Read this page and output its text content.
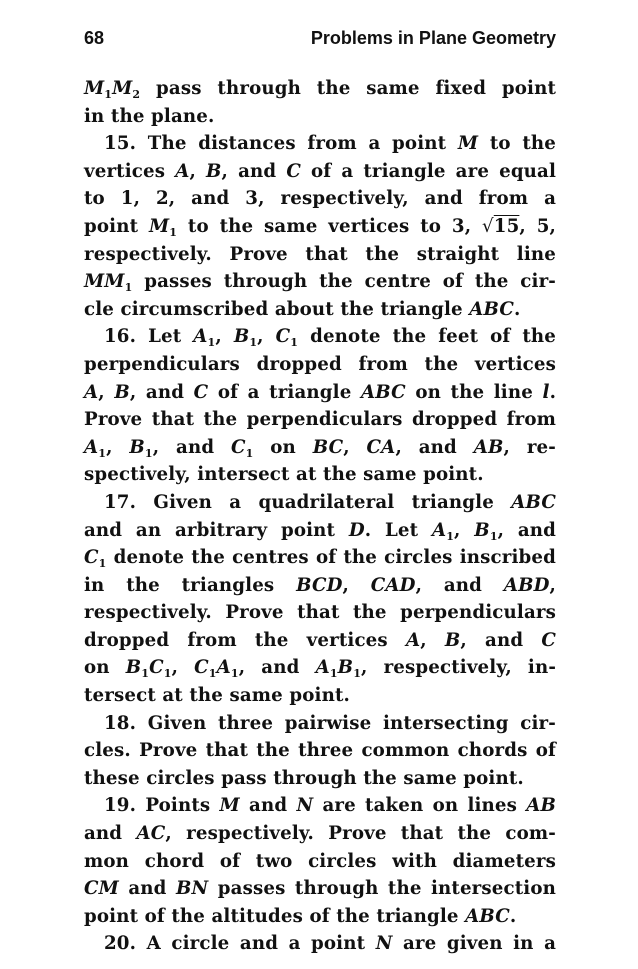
68	Problems in Plane Geometry
$M_1M_2$ pass through the same fixed point
in the plane.
15. The distances from a point M to the
vertices A, B, and C of a triangle are equal
to 1, 2, and 3, respectively, and from a
point $M_1$ to the same vertices to 3, √15, 5,
respectively. Prove that the straight line
$MM_1$ passes through the centre of the cir-
cle circumscribed about the triangle ABC.
16. Let $A_1$, $B_1$, $C_1$ denote the feet of the
perpendiculars dropped from the vertices
A, B, and C of a triangle ABC on the line l.
Prove that the perpendiculars dropped from
$A_1$, $B_1$, and $C_1$ on BC, CA, and AB, re-
spectively, intersect at the same point.
17. Given a quadrilateral triangle ABC
and an arbitrary point D. Let $A_1$, $B_1$, and
$C_1$ denote the centres of the circles inscribed
in the triangles BCD, CAD, and ABD,
respectively. Prove that the perpendiculars
dropped from the vertices A, B, and C
on $B_1C_1$, $C_1A_1$, and $A_1B_1$, respectively, in-
tersect at the same point.
18. Given three pairwise intersecting cir-
cles. Prove that the three common chords of
these circles pass through the same point.
19. Points M and N are taken on lines AB
and AC, respectively. Prove that the com-
mon chord of two circles with diameters
CM and BN passes through the intersection
point of the altitudes of the triangle ABC.
20. A circle and a point N are given in a
